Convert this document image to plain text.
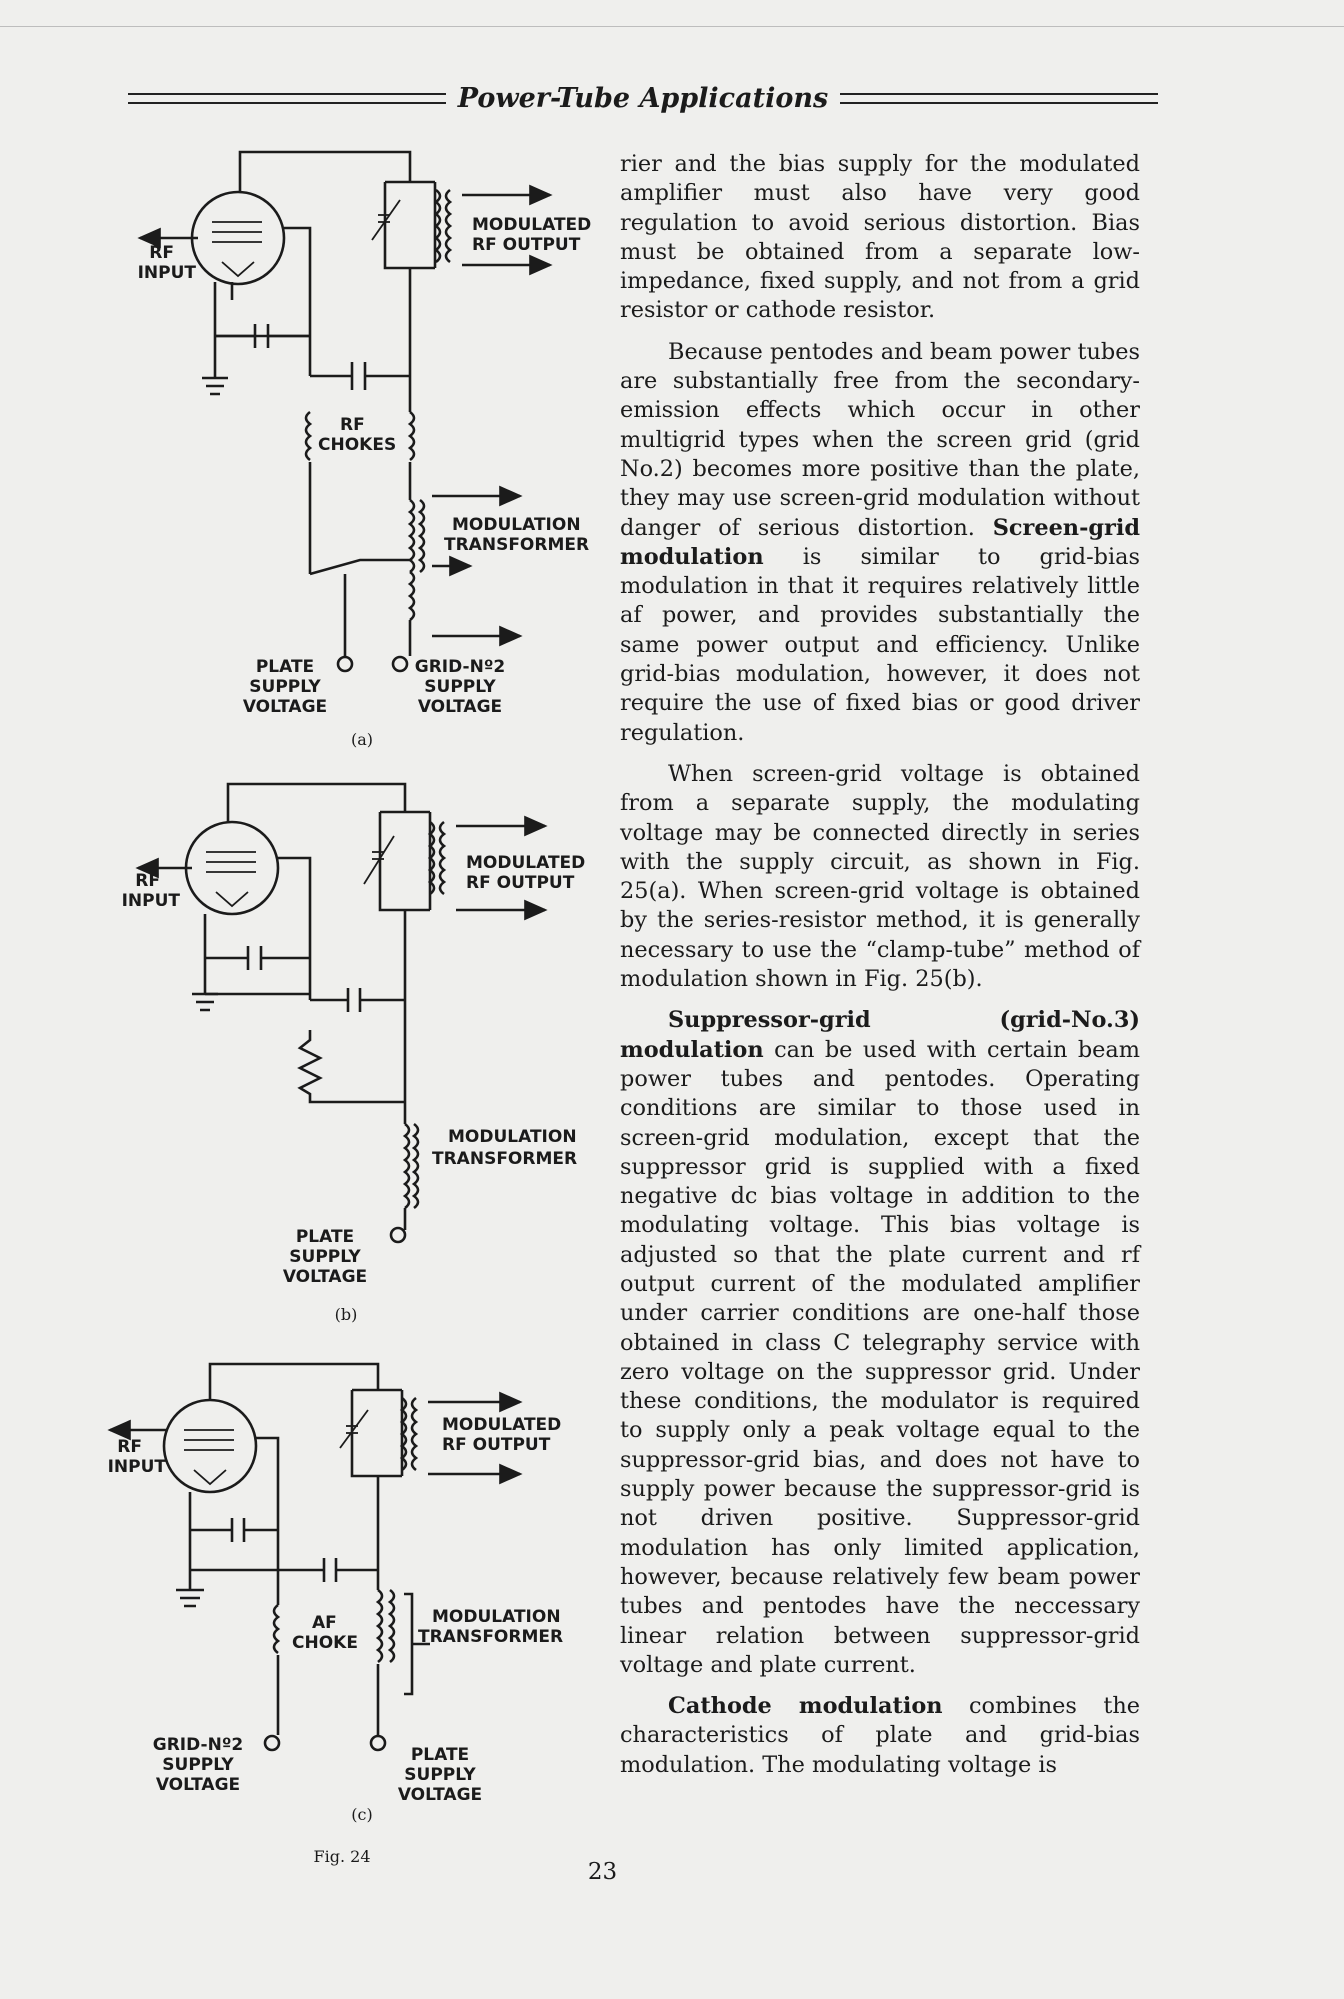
Power-Tube Applications
RF
INPUT
MODULATED
RF OUTPUT
RF
CHOKES
MODULATION
TRANSFORMER
PLATE
SUPPLY
VOLTAGE
GRID-Nº2
SUPPLY
VOLTAGE
(a)
RF
INPUT
MODULATED
RF OUTPUT
MODULATION
TRANSFORMER
PLATE
SUPPLY
VOLTAGE
(b)
RF
INPUT
MODULATED
RF OUTPUT
AF
CHOKE
MODULATION
TRANSFORMER
GRID-Nº2
SUPPLY
VOLTAGE
PLATE
SUPPLY
VOLTAGE
(c)
Fig. 24

rier and the bias supply for the modulated amplifier must also have very good regulation to avoid serious distortion. Bias must be obtained from a separate low-impedance, fixed supply, and not from a grid resistor or cathode resistor.

Because pentodes and beam power tubes are substantially free from the secondary-emission effects which occur in other multigrid types when the screen grid (grid No.2) becomes more positive than the plate, they may use screen-grid modulation without danger of serious distortion. Screen-grid modulation is similar to grid-bias modulation in that it requires relatively little af power, and provides substantially the same power output and efficiency. Unlike grid-bias modulation, however, it does not require the use of fixed bias or good driver regulation.

When screen-grid voltage is obtained from a separate supply, the modulating voltage may be connected directly in series with the supply circuit, as shown in Fig. 25(a). When screen-grid voltage is obtained by the series-resistor method, it is generally necessary to use the “clamp-tube” method of modulation shown in Fig. 25(b).

Suppressor-grid (grid-No.3) modulation can be used with certain beam power tubes and pentodes. Operating conditions are similar to those used in screen-grid modulation, except that the suppressor grid is supplied with a fixed negative dc bias voltage in addition to the modulating voltage. This bias voltage is adjusted so that the plate current and rf output current of the modulated amplifier under carrier conditions are one-half those obtained in class C telegraphy service with zero voltage on the suppressor grid. Under these conditions, the modulator is required to supply only a peak voltage equal to the suppressor-grid bias, and does not have to supply power because the suppressor-grid is not driven positive. Suppressor-grid modulation has only limited application, however, because relatively few beam power tubes and pentodes have the neccessary linear relation between suppressor-grid voltage and plate current.

Cathode modulation combines the characteristics of plate and grid-bias modulation. The modulating voltage is

23
